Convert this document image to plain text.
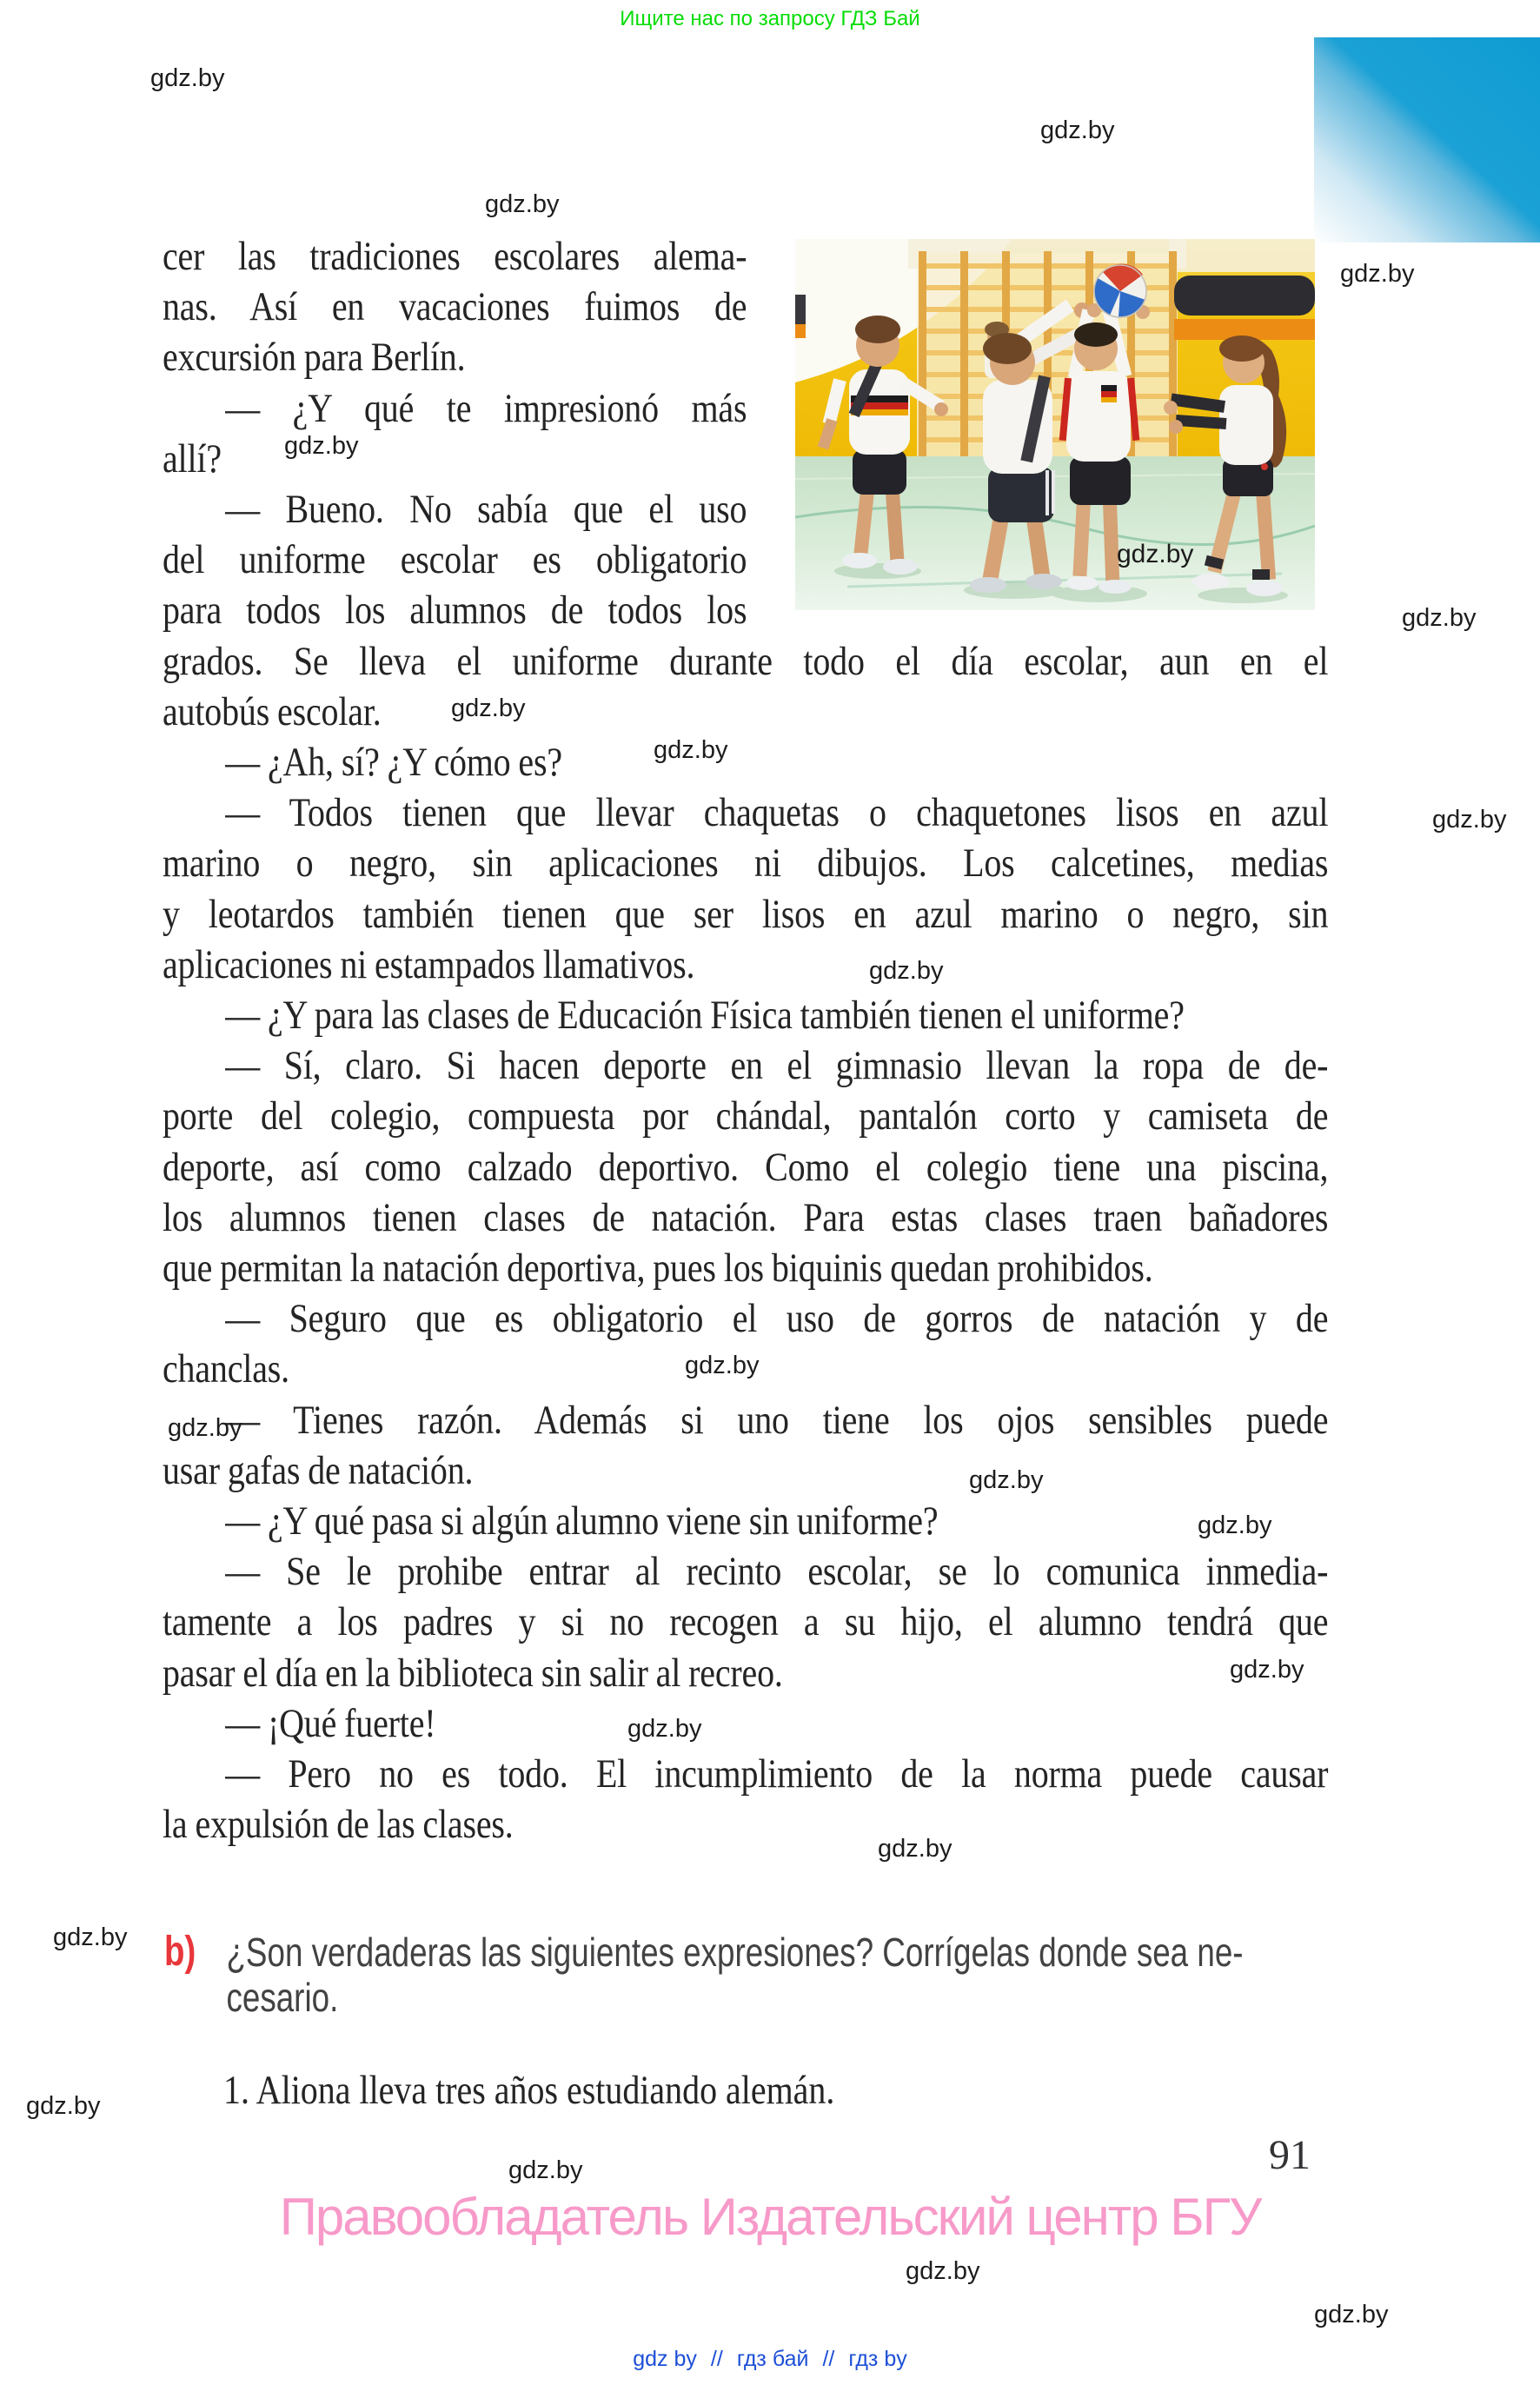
Ищите нас по запросу ГДЗ Бай
gdz.by
cer las tradiciones escolares alema-
nas. Así en vacaciones fuimos de
excursión para Berlín.
— ¿Y qué te impresionó más
allí?
— Bueno. No sabía que el uso
del uniforme escolar es obligatorio
para todos los alumnos de todos los
grados. Se lleva el uniforme durante todo el día escolar, aun en el
autobús escolar.
— ¿Ah, sí? ¿Y cómo es?
— Todos tienen que llevar chaquetas o chaquetones lisos en azul
marino o negro, sin aplicaciones ni dibujos. Los calcetines, medias
y leotardos también tienen que ser lisos en azul marino o negro, sin
aplicaciones ni estampados llamativos.
— ¿Y para las clases de Educación Física también tienen el uniforme?
— Sí, claro. Si hacen deporte en el gimnasio llevan la ropa de de-
porte del colegio, compuesta por chándal, pantalón corto y camiseta de
deporte, así como calzado deportivo. Como el colegio tiene una piscina,
los alumnos tienen clases de natación. Para estas clases traen bañadores
que permitan la natación deportiva, pues los biquinis quedan prohibidos.
— Seguro que es obligatorio el uso de gorros de natación y de
chanclas.
— Tienes razón. Además si uno tiene los ojos sensibles puede
usar gafas de natación.
— ¿Y qué pasa si algún alumno viene sin uniforme?
— Se le prohibe entrar al recinto escolar, se lo comunica inmedia-
tamente a los padres y si no recogen a su hijo, el alumno tendrá que
pasar el día en la biblioteca sin salir al recreo.
— ¡Qué fuerte!
— Pero no es todo. El incumplimiento de la norma puede causar
la expulsión de las clases.
b) ¿Son verdaderas las siguientes expresiones? Corrígelas donde sea ne-
cesario.
1. Aliona lleva tres años estudiando alemán.
91
Правообладатель Издательский центр БГУ
gdz by // гдз бай // гдз by
gdz.by
gdz.by
gdz.by
gdz.by
gdz.by
gdz.by
gdz.by
gdz.by
gdz.by
gdz.by
gdz.by
gdz.by
gdz.by
gdz.by
gdz.by
gdz.by
gdz.by
gdz.by
gdz.by
gdz.by
gdz.by
gdz.by
